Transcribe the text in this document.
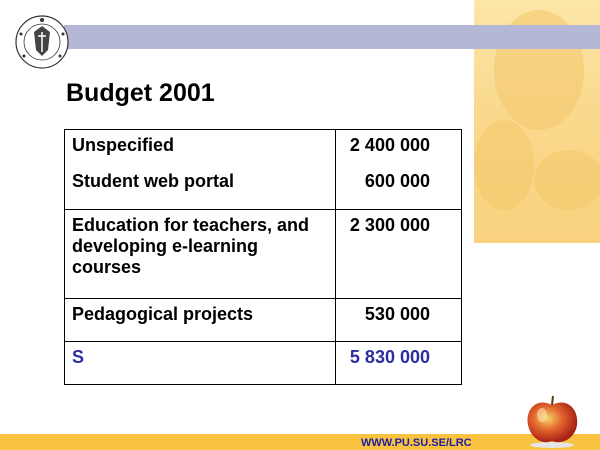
Budget 2001
Unspecified	2 400 000
Student web portal	600 000
Education for teachers, and developing e-learning courses	2 300 000
Pedagogical projects	530 000
S	5 830 000
WWW.PU.SU.SE/LRC
